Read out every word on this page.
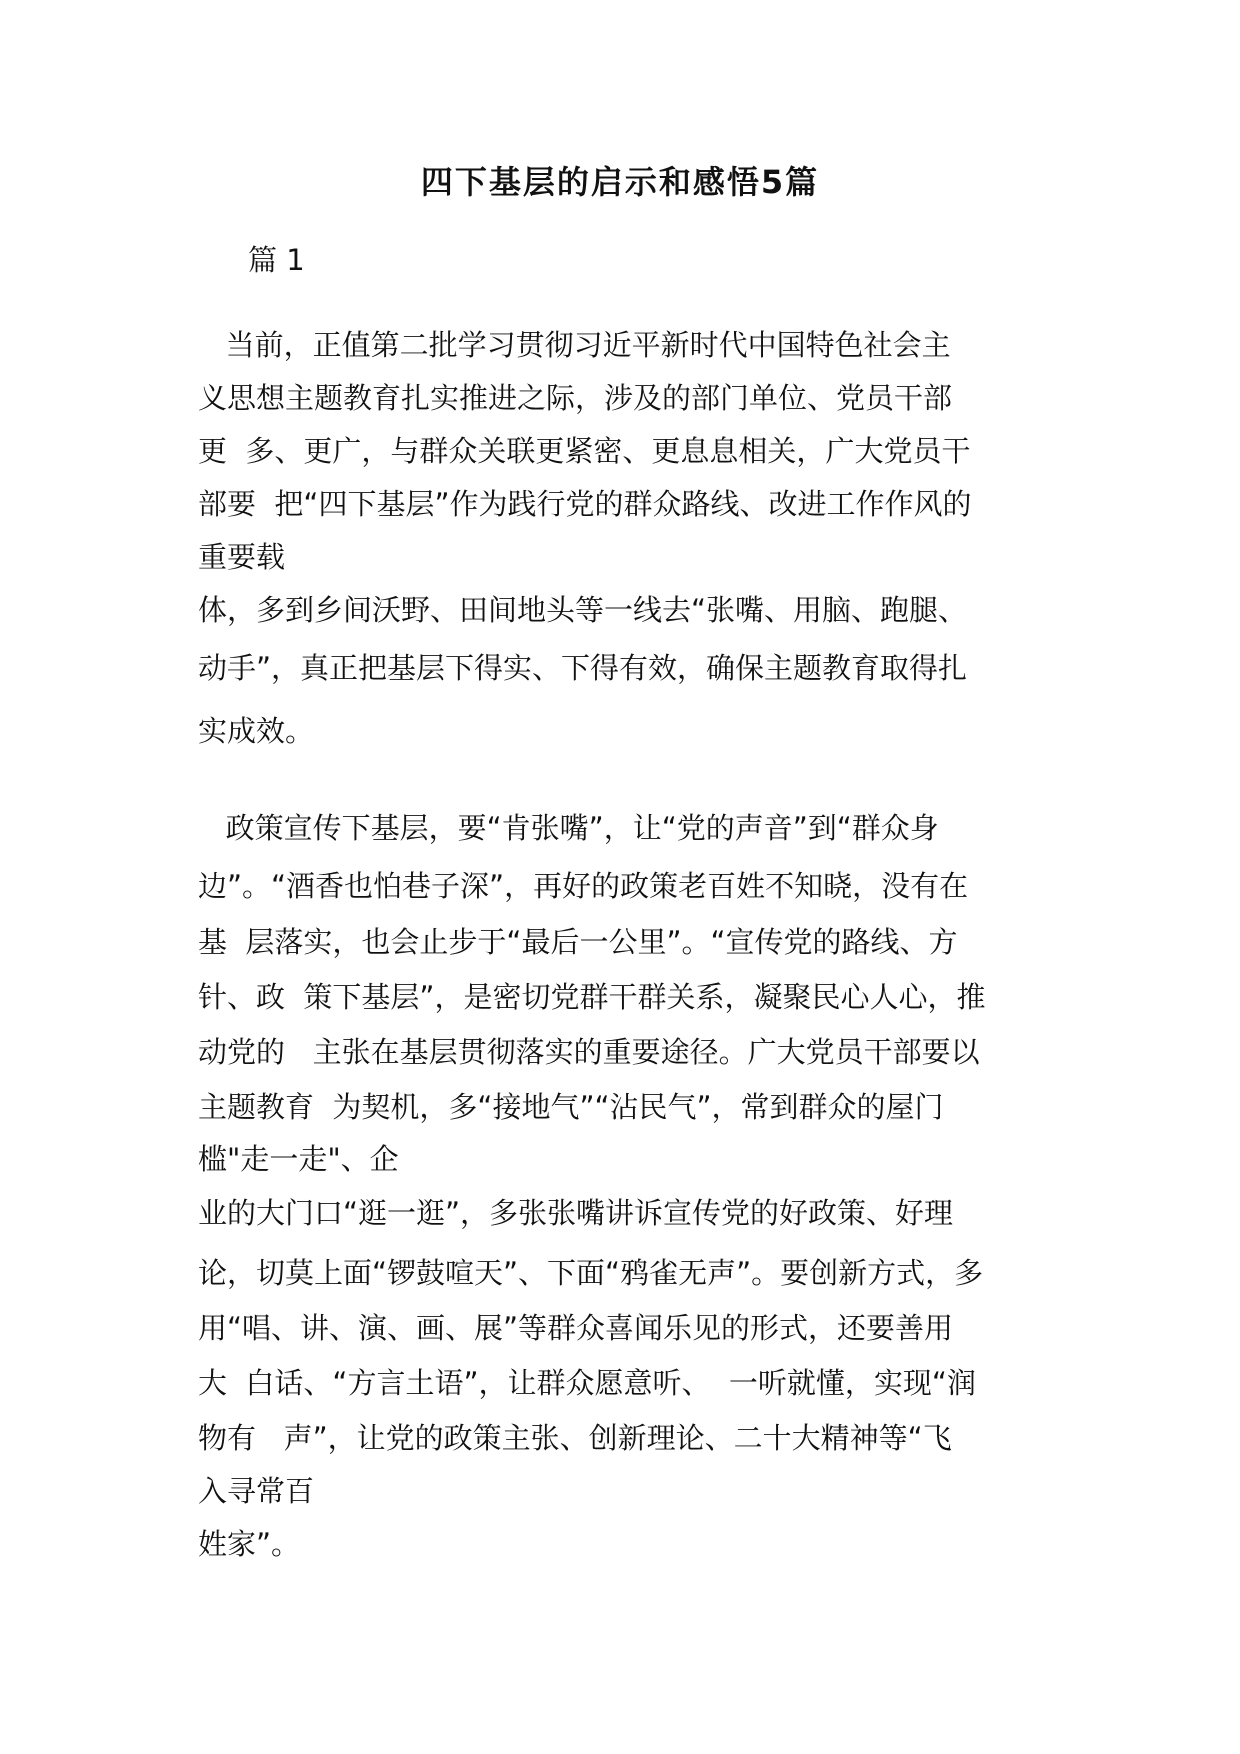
四下基层的启示和感悟5篇
篇 1
当前，正值第二批学习贯彻习近平新时代中国特色社会主
义思想主题教育扎实推进之际，涉及的部门单位、党员干部
更  多、更广，与群众关联更紧密、更息息相关，广大党员干
部要  把“四下基层”作为践行党的群众路线、改进工作作风的
重要载
体，多到乡间沃野、田间地头等一线去“张嘴、用脑、跑腿、
动手”，真正把基层下得实、下得有效，确保主题教育取得扎
实成效。
政策宣传下基层，要“肯张嘴”，让“党的声音”到“群众身
边”。“酒香也怕巷子深”，再好的政策老百姓不知晓，没有在
基  层落实，也会止步于“最后一公里”。“宣传党的路线、方
针、政  策下基层”，是密切党群干群关系，凝聚民心人心，推
动党的   主张在基层贯彻落实的重要途径。广大党员干部要以
主题教育  为契机，多“接地气”“沾民气”，常到群众的屋门
槛"走一走"、企
业的大门口“逛一逛”，多张张嘴讲诉宣传党的好政策、好理
论，切莫上面“锣鼓喧天”、下面“鸦雀无声”。要创新方式，多
用“唱、讲、演、画、展”等群众喜闻乐见的形式，还要善用
大  白话、“方言土语”，让群众愿意听、  一听就懂，实现“润
物有   声”，让党的政策主张、创新理论、二十大精神等“飞
入寻常百
姓家”。
